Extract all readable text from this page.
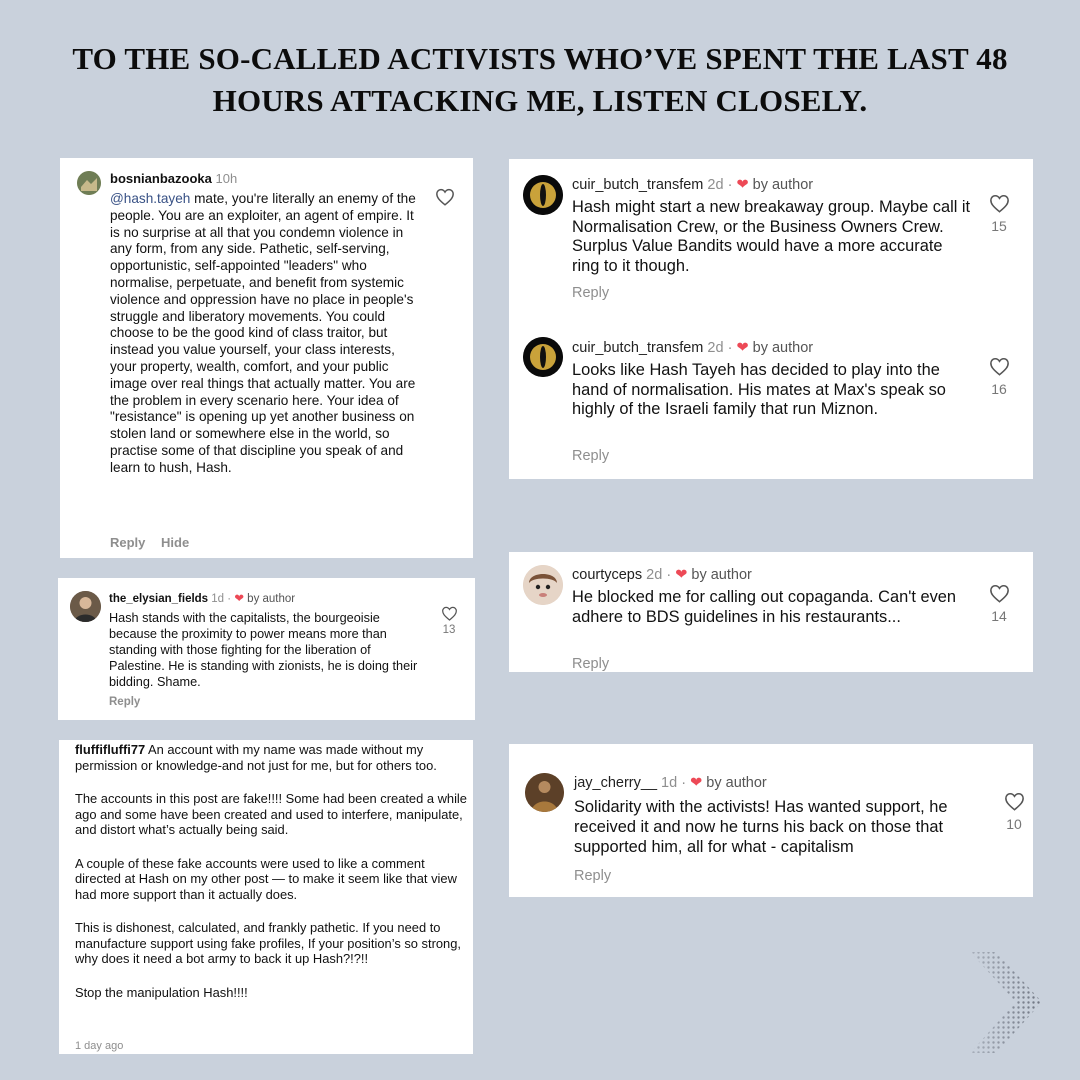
TO THE SO-CALLED ACTIVISTS WHO’VE SPENT THE LAST 48
HOURS ATTACKING ME, LISTEN CLOSELY.
bosnianbazooka 10h

@hash.tayeh mate, you're literally an enemy of the people. You are an exploiter, an agent of empire. It is no surprise at all that you condemn violence in any form, from any side. Pathetic, self-serving, opportunistic, self-appointed "leaders" who normalise, perpetuate, and benefit from systemic violence and oppression have no place in people's struggle and liberatory movements. You could choose to be the good kind of class traitor, but instead you value yourself, your class interests, your property, wealth, comfort, and your public image over real things that actually matter. You are the problem in every scenario here. Your idea of "resistance" is opening up yet another business on stolen land or somewhere else in the world, so practise some of that discipline you speak of and learn to hush, Hash.

Reply Hide
the_elysian_fields 1d · ❤ by author

Hash stands with the capitalists, the bourgeoisie because the proximity to power means more than standing with those fighting for the liberation of Palestine. He is standing with zionists, he is doing their bidding. Shame.

13
Reply

fluffifluffi77 An account with my name was made without my permission or knowledge-and not just for me, but for others too.

The accounts in this post are fake!!!! Some had been created a while ago and some have been created and used to interfere, manipulate, and distort what’s actually being said.

A couple of these fake accounts were used to like a comment directed at Hash on my other post — to make it seem like that view had more support than it actually does.

This is dishonest, calculated, and frankly pathetic. If you need to manufacture support using fake profiles, If your position’s so strong, why does it need a bot army to back it up Hash?!?!!

Stop the manipulation Hash!!!!

1 day ago
cuir_butch_transfem 2d · ❤ by author

Hash might start a new breakaway group. Maybe call it Normalisation Crew, or the Business Owners Crew. Surplus Value Bandits would have a more accurate ring to it though.

15
Reply
cuir_butch_transfem 2d · ❤ by author

Looks like Hash Tayeh has decided to play into the hand of normalisation. His mates at Max's speak so highly of the Israeli family that run Miznon.

16
Reply
courtyceps 2d · ❤ by author

He blocked me for calling out copaganda. Can't even adhere to BDS guidelines in his restaurants...	14
Reply
jay_cherry__ 1d · ❤ by author

Solidarity with the activists! Has wanted support, he received it and now he turns his back on those that supported him, all for what - capitalism

10
Reply
